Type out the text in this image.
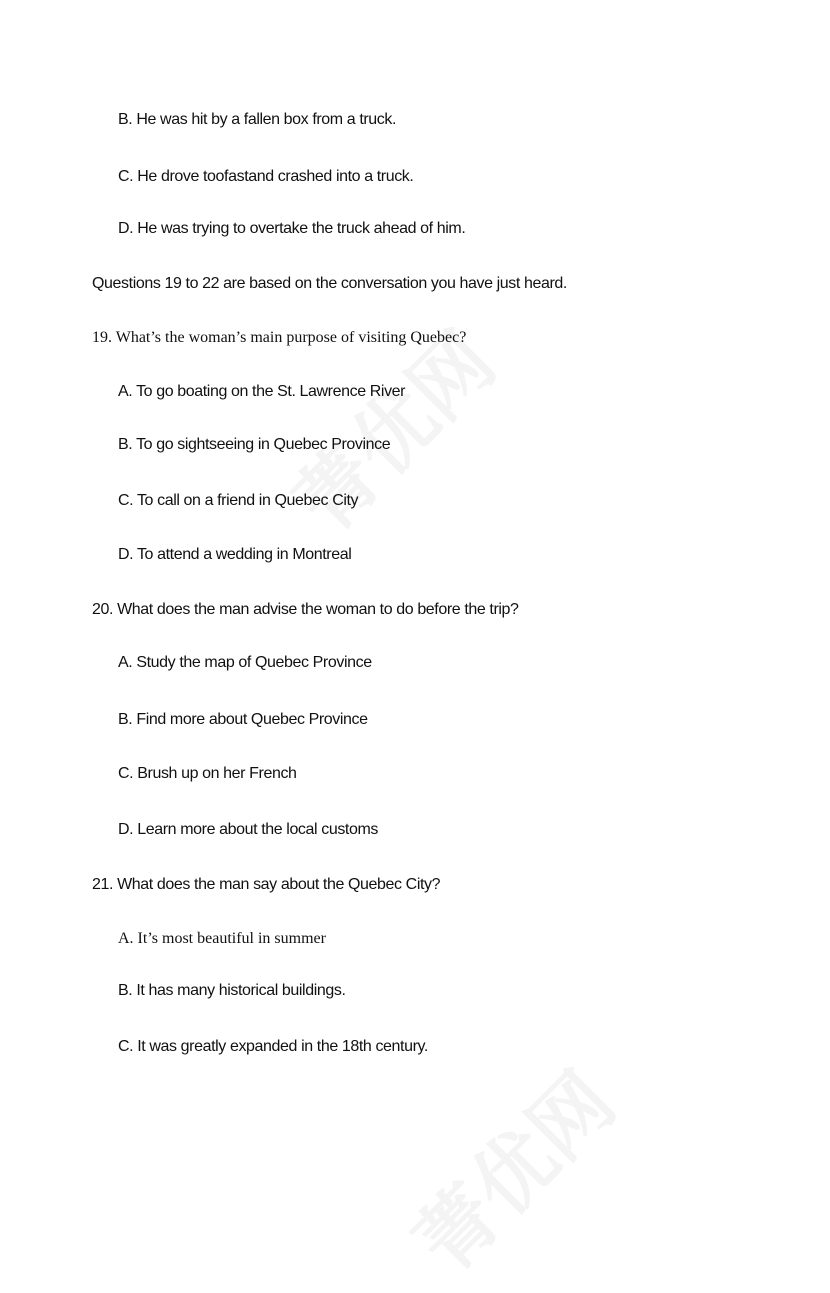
B. He was hit by a fallen box from a truck.
C. He drove toofastand crashed into a truck.
D. He was trying to overtake the truck ahead of him.
Questions 19 to 22 are based on the conversation you have just heard.
19. What’s the woman’s main purpose of visiting Quebec?
A. To go boating on the St. Lawrence River
B. To go sightseeing in Quebec Province
C. To call on a friend in Quebec City
D. To attend a wedding in Montreal
20. What does the man advise the woman to do before the trip?
A. Study the map of Quebec Province
B. Find more about Quebec Province
C. Brush up on her French
D. Learn more about the local customs
21. What does the man say about the Quebec City?
A. It’s most beautiful in summer
B. It has many historical buildings.
C. It was greatly expanded in the 18th century.
